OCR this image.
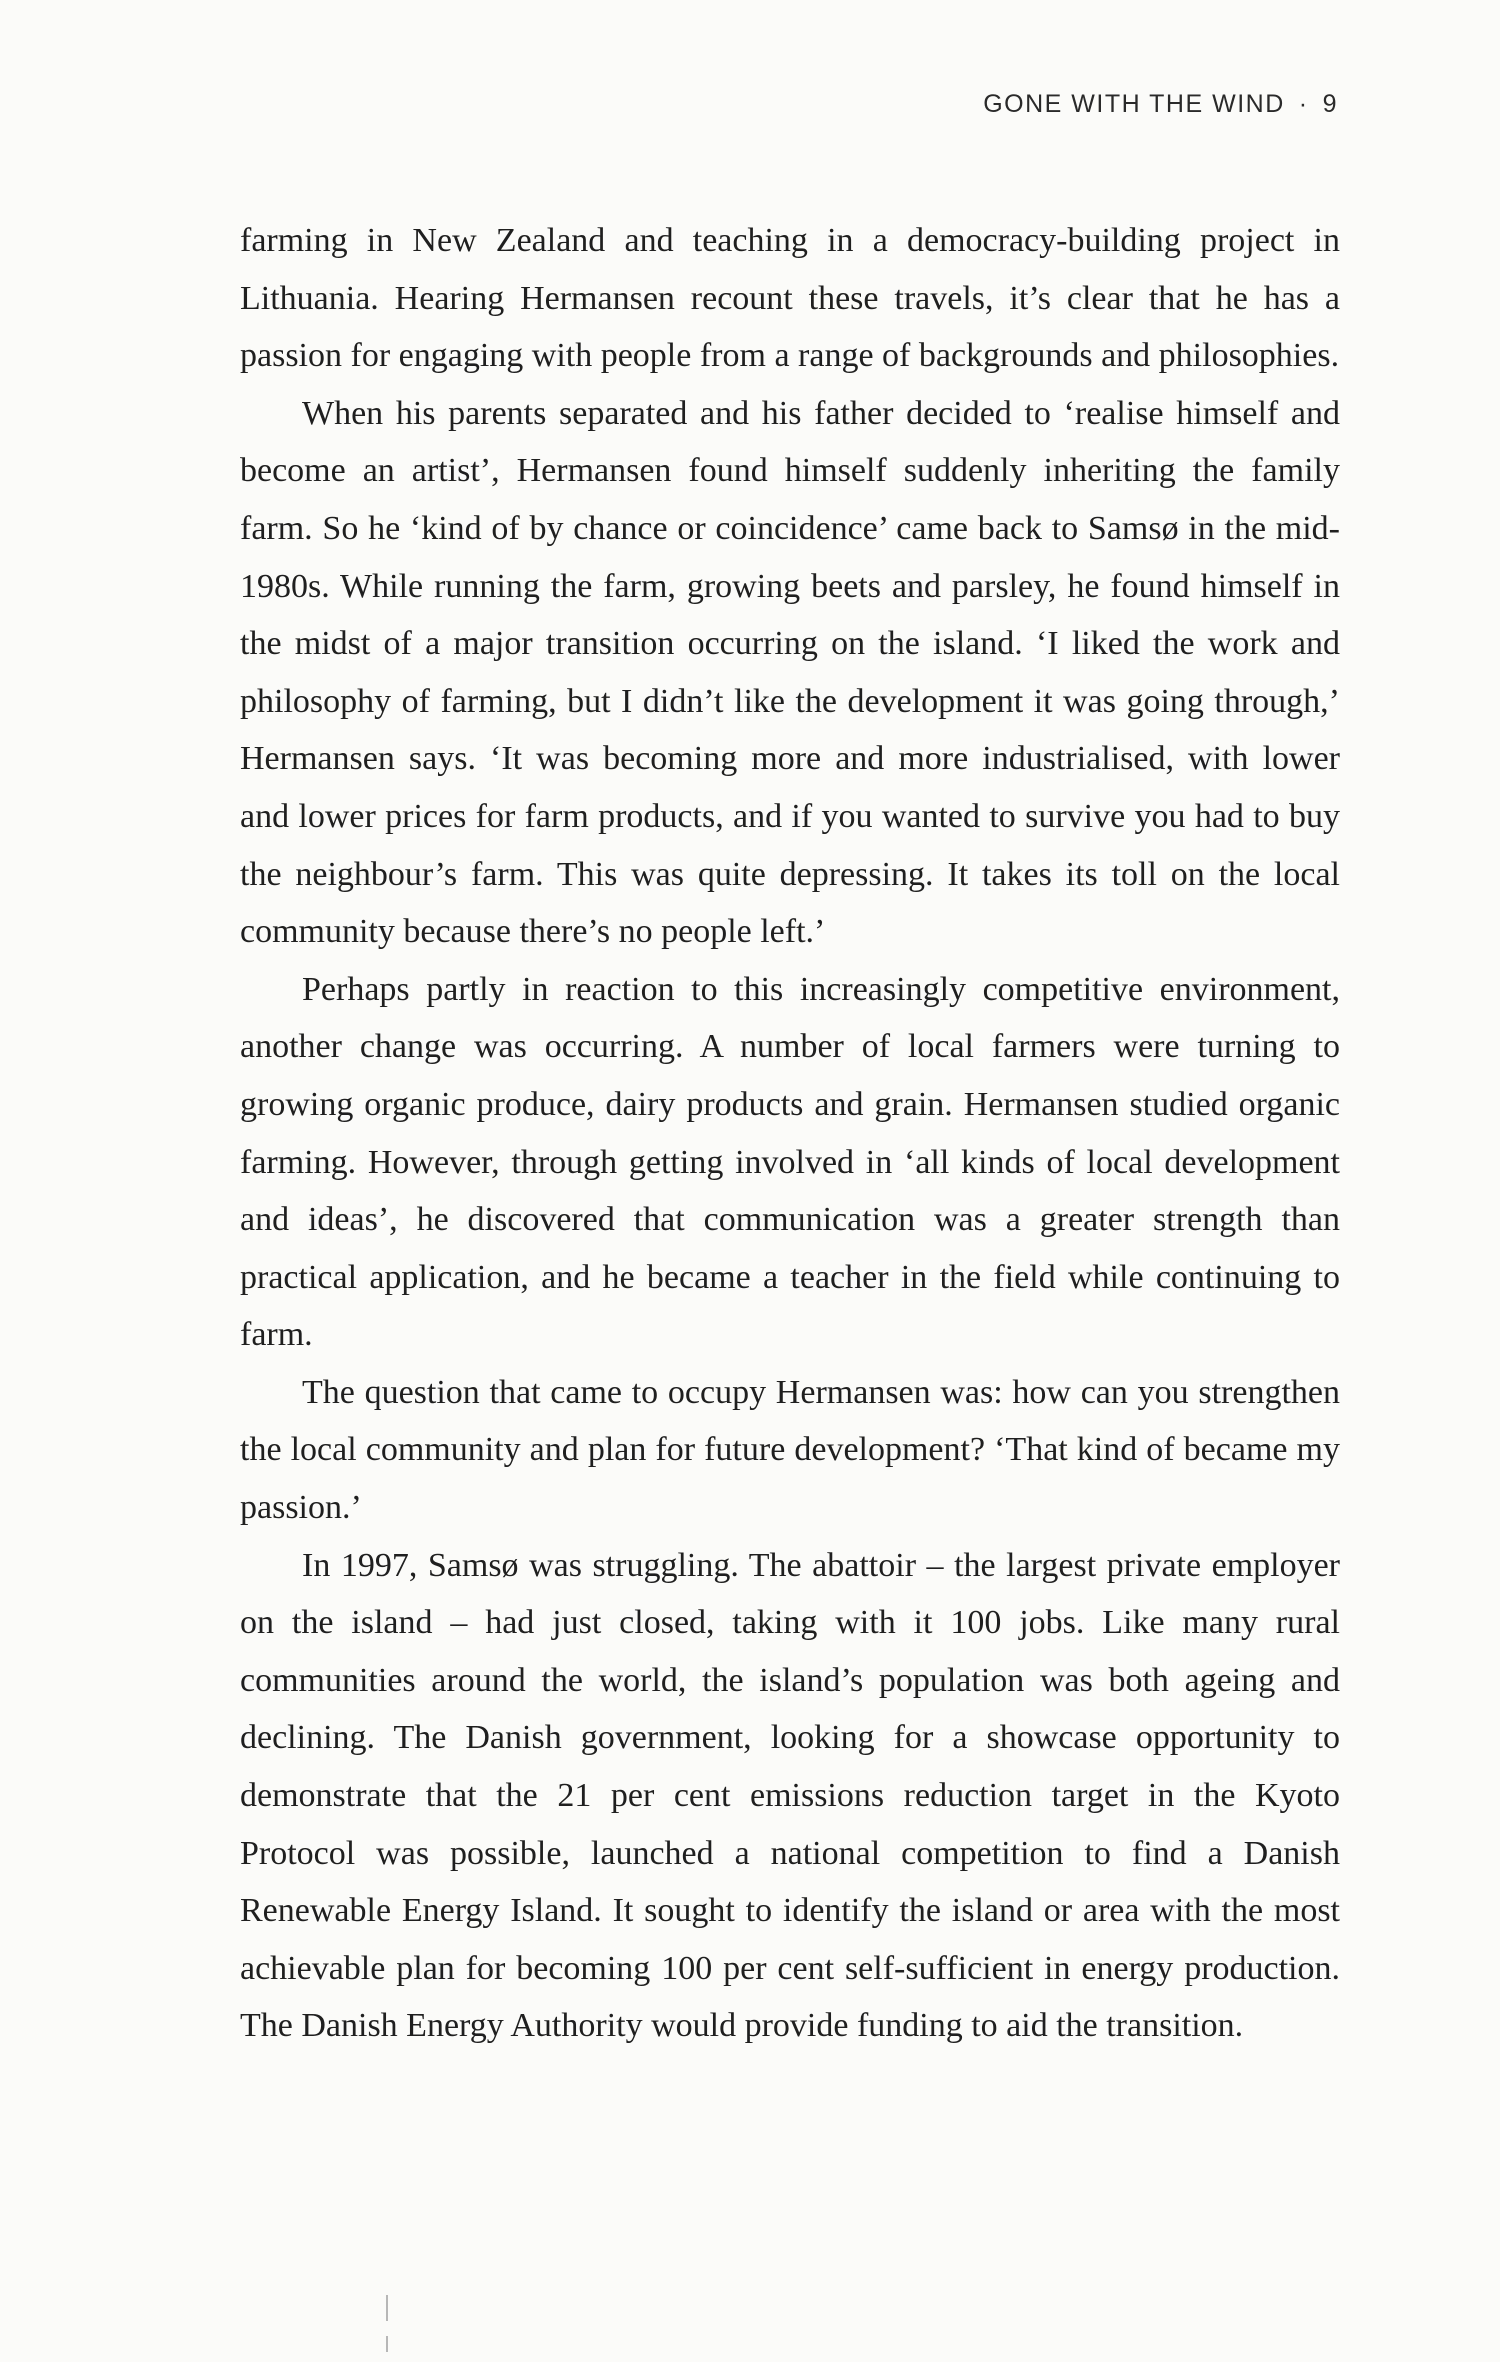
GONE WITH THE WIND · 9

farming in New Zealand and teaching in a democracy-building project in Lithuania. Hearing Hermansen recount these travels, it’s clear that he has a passion for engaging with people from a range of backgrounds and philosophies.

When his parents separated and his father decided to ‘realise himself and become an artist’, Hermansen found himself suddenly inheriting the family farm. So he ‘kind of by chance or coincidence’ came back to Samsø in the mid-1980s. While running the farm, growing beets and parsley, he found himself in the midst of a major transition occurring on the island. ‘I liked the work and philosophy of farming, but I didn’t like the development it was going through,’ Hermansen says. ‘It was becoming more and more industrialised, with lower and lower prices for farm products, and if you wanted to survive you had to buy the neighbour’s farm. This was quite depressing. It takes its toll on the local community because there’s no people left.’

Perhaps partly in reaction to this increasingly competitive environment, another change was occurring. A number of local farmers were turning to growing organic produce, dairy products and grain. Hermansen studied organic farming. However, through getting involved in ‘all kinds of local development and ideas’, he discovered that communication was a greater strength than practical application, and he became a teacher in the field while continuing to farm.

The question that came to occupy Hermansen was: how can you strengthen the local community and plan for future development? ‘That kind of became my passion.’

In 1997, Samsø was struggling. The abattoir – the largest private employer on the island – had just closed, taking with it 100 jobs. Like many rural communities around the world, the island’s population was both ageing and declining. The Danish government, looking for a showcase opportunity to demonstrate that the 21 per cent emissions reduction target in the Kyoto Protocol was possible, launched a national competition to find a Danish Renewable Energy Island. It sought to identify the island or area with the most achievable plan for becoming 100 per cent self-sufficient in energy production. The Danish Energy Authority would provide funding to aid the transition.
